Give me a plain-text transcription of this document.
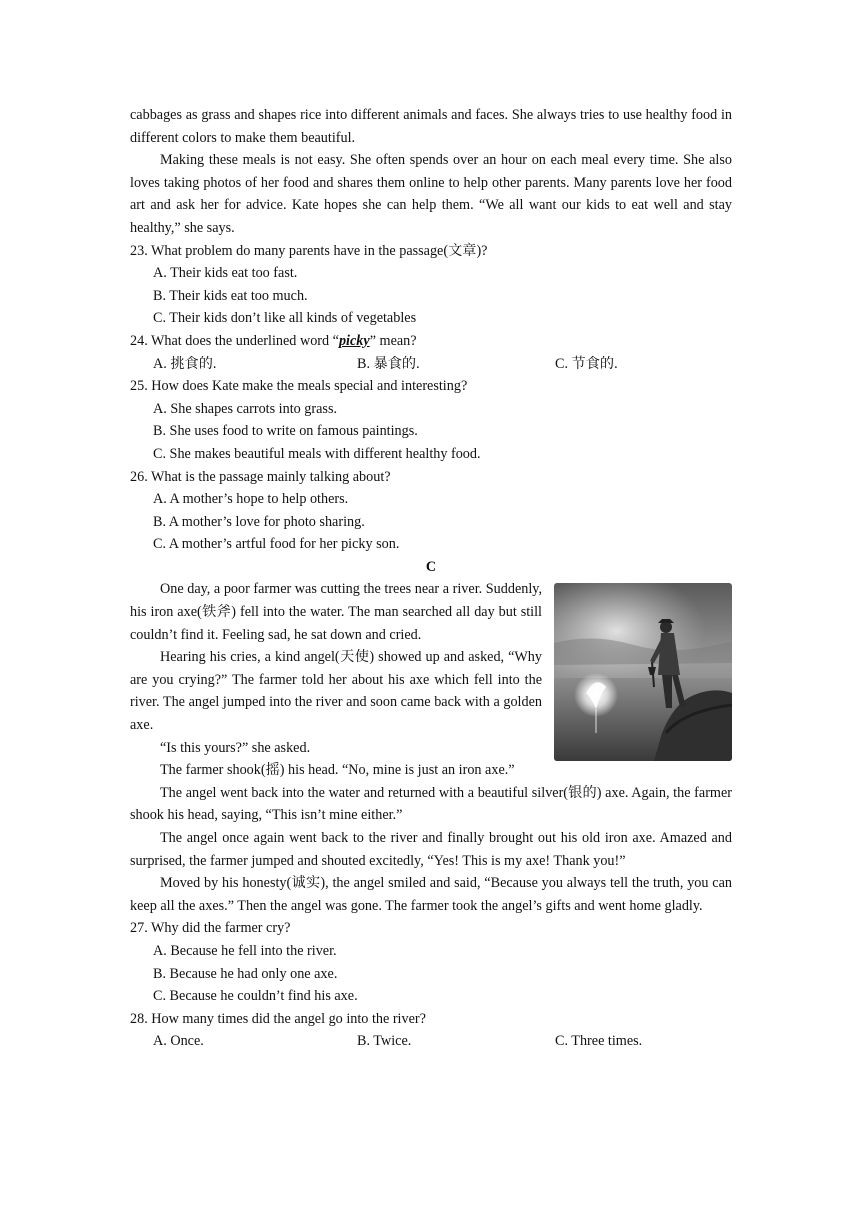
cabbages as grass and shapes rice into different animals and faces. She always tries to use healthy food in different colors to make them beautiful.

Making these meals is not easy. She often spends over an hour on each meal every time. She also loves taking photos of her food and shares them online to help other parents. Many parents love her food art and ask her for advice. Kate hopes she can help them. “We all want our kids to eat well and stay healthy,” she says.

23. What problem do many parents have in the passage(文章)?
A. Their kids eat too fast.
B. Their kids eat too much.
C. Their kids don’t like all kinds of vegetables
24. What does the underlined word “picky” mean?
A. 挑食的.	B. 暴食的.	C. 节食的.
25. How does Kate make the meals special and interesting?
A. She shapes carrots into grass.
B. She uses food to write on famous paintings.
C. She makes beautiful meals with different healthy food.
26. What is the passage mainly talking about?
A. A mother’s hope to help others.
B. A mother’s love for photo sharing.
C. A mother’s artful food for her picky son.
C

One day, a poor farmer was cutting the trees near a river. Suddenly, his iron axe(铁斧) fell into the water. The man searched all day but still couldn’t find it. Feeling sad, he sat down and cried.

Hearing his cries, a kind angel(天使) showed up and asked, “Why are you crying?” The farmer told her about his axe which fell into the river. The angel jumped into the river and soon came back with a golden axe.

“Is this yours?” she asked.

The farmer shook(摇) his head. “No, mine is just an iron axe.”

The angel went back into the water and returned with a beautiful silver(银的) axe. Again, the farmer shook his head, saying, “This isn’t mine either.”

The angel once again went back to the river and finally brought out his old iron axe. Amazed and surprised, the farmer jumped and shouted excitedly, “Yes! This is my axe! Thank you!”

Moved by his honesty(诚实), the angel smiled and said, “Because you always tell the truth, you can keep all the axes.” Then the angel was gone. The farmer took the angel’s gifts and went home gladly.

27. Why did the farmer cry?
A. Because he fell into the river.
B. Because he had only one axe.
C. Because he couldn’t find his axe.
28. How many times did the angel go into the river?
A. Once.	B. Twice.	C. Three times.
